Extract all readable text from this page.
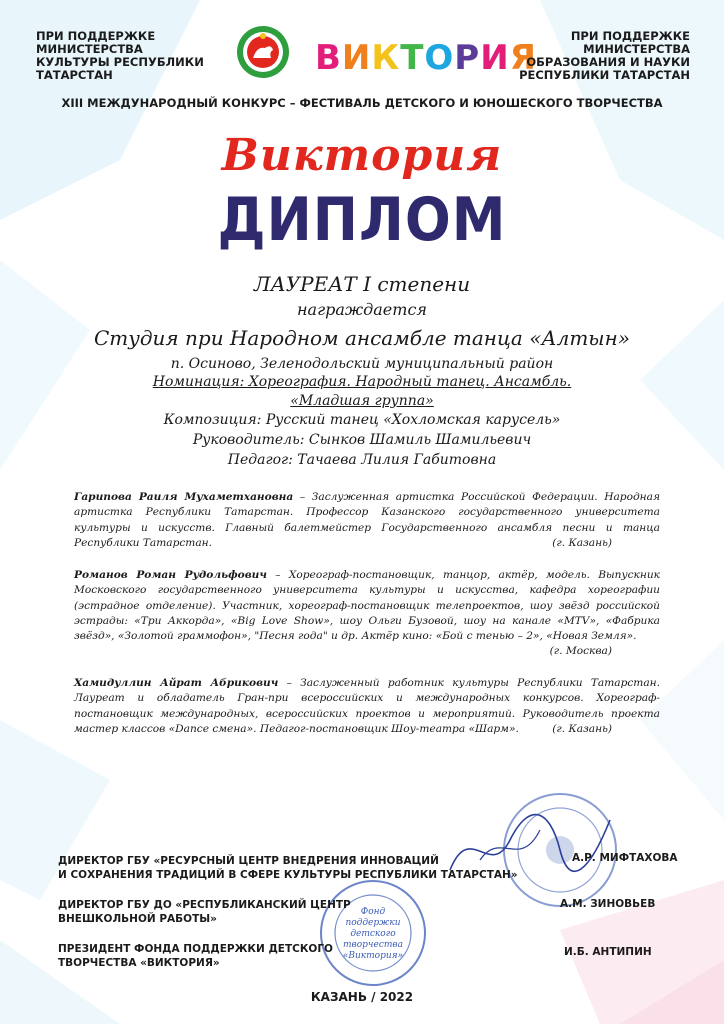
ПРИ ПОДДЕРЖКЕ
МИНИСТЕРСТВА
КУЛЬТУРЫ РЕСПУБЛИКИ
ТАТАРСТАН	ВИКТОРИЯ
ПРИ ПОДДЕРЖКЕ
МИНИСТЕРСТВА
ОБРАЗОВАНИЯ И НАУКИ
РЕСПУБЛИКИ ТАТАРСТАН
XIII МЕЖДУНАРОДНЫЙ КОНКУРС – ФЕСТИВАЛЬ ДЕТСКОГО И ЮНОШЕСКОГО ТВОРЧЕСТВА
Виктория
ДИПЛОМ
ЛАУРЕАТ I степени
награждается
Студия при Народном ансамбле танца «Алтын»
п. Осиново, Зеленодольский муниципальный район
Номинация: Хореография. Народный танец. Ансамбль.
«Младшая группа»
Композиция: Русский танец «Хохломская карусель»
Руководитель: Сынков Шамиль Шамильевич
Педагог: Тачаева Лилия Габитовна
Гарипова Раиля Мухаметхановна – Заслуженная артистка Российской Федерации. Народная артистка Республики Татарстан. Профессор Казанского государственного университета культуры и искусств. Главный балетмейстер Государственного ансамбля песни и танца Республики Татарстан.	(г. Казань)
Романов Роман Рудольфович – Хореограф-постановщик, танцор, актёр, модель. Выпускник Московского государственного университета культуры и искусства, кафедра хореографии (эстрадное отделение). Участник, хореограф-постановщик телепроектов, шоу звёзд российской эстрады: «Три Аккорда», «Big Love Show», шоу Ольги Бузовой, шоу на канале «MTV», «Фабрика звёзд», «Золотой граммофон», "Песня года" и др. Актёр кино: «Бой с тенью – 2», «Новая Земля».
(г. Москва)
Хамидуллин Айрат Абрикович – Заслуженный работник культуры Республики Татарстан. Лауреат и обладатель Гран-при всероссийских и международных конкурсов. Хореограф-постановщик международных, всероссийских проектов и мероприятий. Руководитель проекта мастер классов «Dance смена». Педагог-постановщик Шоу-театра «Шарм».	(г. Казань)
Фонд
поддержки
детского
творчества
«Виктория»
ДИРЕКТОР ГБУ «РЕСУРСНЫЙ ЦЕНТР ВНЕДРЕНИЯ ИННОВАЦИЙ
И СОХРАНЕНИЯ ТРАДИЦИЙ В СФЕРЕ КУЛЬТУРЫ РЕСПУБЛИКИ ТАТАРСТАН»
А.Р. МИФТАХОВА
ДИРЕКТОР ГБУ ДО «РЕСПУБЛИКАНСКИЙ ЦЕНТР
ВНЕШКОЛЬНОЙ РАБОТЫ»
А.М. ЗИНОВЬЕВ
ПРЕЗИДЕНТ ФОНДА ПОДДЕРЖКИ ДЕТСКОГО
ТВОРЧЕСТВА «ВИКТОРИЯ»
И.Б. АНТИПИН
КАЗАНЬ / 2022
